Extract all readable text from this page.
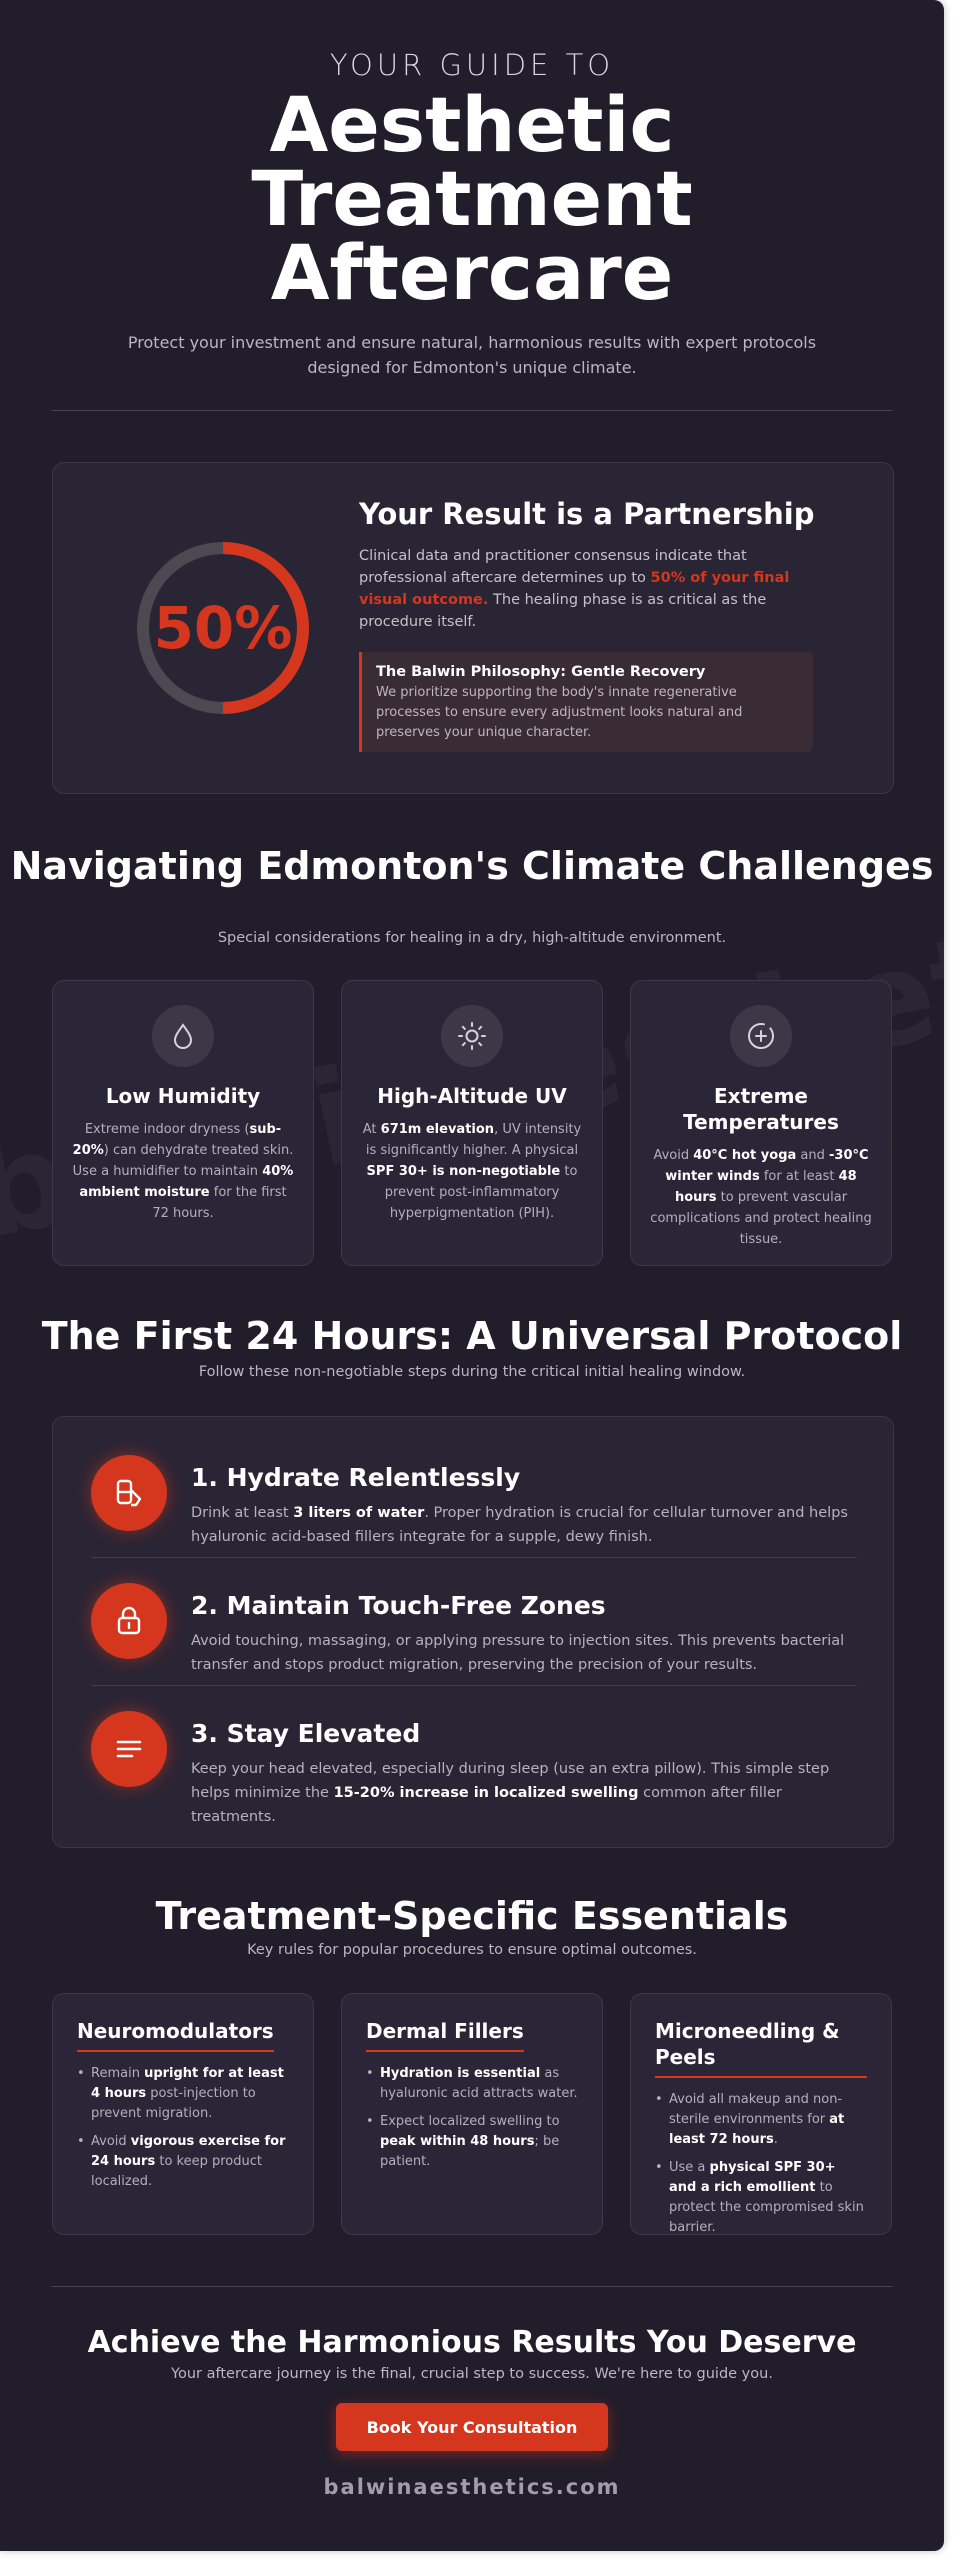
YOUR GUIDE TO
Aesthetic
Treatment
Aftercare
Protect your investment and ensure natural, harmonious results with expert protocols designed for Edmonton's unique climate.
50%
Your Result is a Partnership
Clinical data and practitioner consensus indicate that professional aftercare determines up to 50% of your final visual outcome. The healing phase is as critical as the procedure itself.
The Balwin Philosophy: Gentle Recovery
We prioritize supporting the body's innate regenerative processes to ensure every adjustment looks natural and preserves your unique character.
Navigating Edmonton's Climate Challenges
Special considerations for healing in a dry, high-altitude environment.
Low Humidity
Extreme indoor dryness (sub-20%) can dehydrate treated skin. Use a humidifier to maintain 40% ambient moisture for the first 72 hours.
High-Altitude UV
At 671m elevation, UV intensity is significantly higher. A physical SPF 30+ is non-negotiable to prevent post-inflammatory hyperpigmentation (PIH).
Extreme Temperatures
Avoid 40°C hot yoga and -30°C winter winds for at least 48 hours to prevent vascular complications and protect healing tissue.
The First 24 Hours: A Universal Protocol
Follow these non-negotiable steps during the critical initial healing window.
1. Hydrate Relentlessly
Drink at least 3 liters of water. Proper hydration is crucial for cellular turnover and helps hyaluronic acid-based fillers integrate for a supple, dewy finish.
2. Maintain Touch-Free Zones
Avoid touching, massaging, or applying pressure to injection sites. This prevents bacterial transfer and stops product migration, preserving the precision of your results.
3. Stay Elevated
Keep your head elevated, especially during sleep (use an extra pillow). This simple step helps minimize the 15-20% increase in localized swelling common after filler treatments.
Treatment-Specific Essentials
Key rules for popular procedures to ensure optimal outcomes.
Neuromodulators
• Remain upright for at least 4 hours post-injection to prevent migration.
• Avoid vigorous exercise for 24 hours to keep product localized.
Dermal Fillers
• Hydration is essential as hyaluronic acid attracts water.
• Expect localized swelling to peak within 48 hours; be patient.
Microneedling & Peels
• Avoid all makeup and non-sterile environments for at least 72 hours.
• Use a physical SPF 30+ and a rich emollient to protect the compromised skin barrier.
Achieve the Harmonious Results You Deserve
Your aftercare journey is the final, crucial step to success. We're here to guide you.
Book Your Consultation
balwinaesthetics.com
